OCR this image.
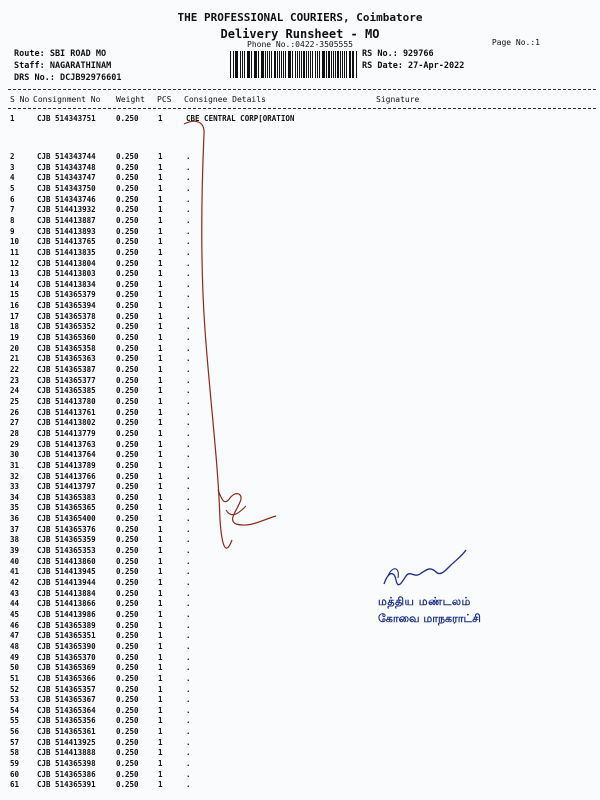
THE PROFESSIONAL COURIERS, Coimbatore
Delivery Runsheet - MO
Phone No.:0422-3505555	Page No.:1
Route: SBI ROAD MO
Staff: NAGARATHINAM
DRS No.: DCJB92976601
RS No.: 929766
RS Date: 27-Apr-2022
S No Consignment No Weight PCS Consignee Details	Signature
1	CJB 514343751	0.250	1	CBE CENTRAL CORP[ORATION
2	CJB 514343744	0.250	1	.
3	CJB 514343748	0.250	1	.
4	CJB 514343747	0.250	1	.
5	CJB 514343750	0.250	1	.
6	CJB 514343746	0.250	1	.
7	CJB 514413932	0.250	1	.
8	CJB 514413887	0.250	1	.
9	CJB 514413893	0.250	1	.
10 CJB 514413765	0.250	1	.
11 CJB 514413835	0.250	1	.
12 CJB 514413804	0.250	1	.
13 CJB 514413803	0.250	1	.
14 CJB 514413834	0.250	1	.
15 CJB 514365379	0.250	1	.
16 CJB 514365394	0.250	1	.
17 CJB 514365378	0.250	1	.
18 CJB 514365352	0.250	1	.
19 CJB 514365360	0.250	1	.
20 CJB 514365358	0.250	1	.
21 CJB 514365363	0.250	1	.
22 CJB 514365387	0.250	1	.
23 CJB 514365377	0.250	1	.
24 CJB 514365385	0.250	1	.
25 CJB 514413780	0.250	1	.
26 CJB 514413761	0.250	1	.
27 CJB 514413802	0.250	1	.
28 CJB 514413779	0.250	1	.
29 CJB 514413763	0.250	1	.
30 CJB 514413764	0.250	1	.
31 CJB 514413789	0.250	1	.
32 CJB 514413766	0.250	1	.
33 CJB 514413797	0.250	1	.
34 CJB 514365383	0.250	1	.
35 CJB 514365365	0.250	1	.
36 CJB 514365400	0.250	1	.
37 CJB 514365376	0.250	1	.
38 CJB 514365359	0.250	1	.
39 CJB 514365353	0.250	1	.
40 CJB 514413860	0.250	1	.
41 CJB 514413945	0.250	1	.
42 CJB 514413944	0.250	1	.
43 CJB 514413884	0.250	1	.
44 CJB 514413866	0.250	1	.
45 CJB 514413986	0.250	1	.
46 CJB 514365389	0.250	1	.
47 CJB 514365351	0.250	1	.
48 CJB 514365390	0.250	1	.
49 CJB 514365370	0.250	1	.
50 CJB 514365369	0.250	1	.
51 CJB 514365366	0.250	1	.
52 CJB 514365357	0.250	1	.
53 CJB 514365367	0.250	1	.
54 CJB 514365364	0.250	1	.
55 CJB 514365356	0.250	1	.
56 CJB 514365361	0.250	1	.
57 CJB 514413925	0.250	1	.
58 CJB 514413888	0.250	1	.
59 CJB 514365398	0.250	1	.
60 CJB 514365386	0.250	1	.
61 CJB 514365391	0.250	1	.
மத்திய மண்டலம்
கோவை மாநகராட்சி
